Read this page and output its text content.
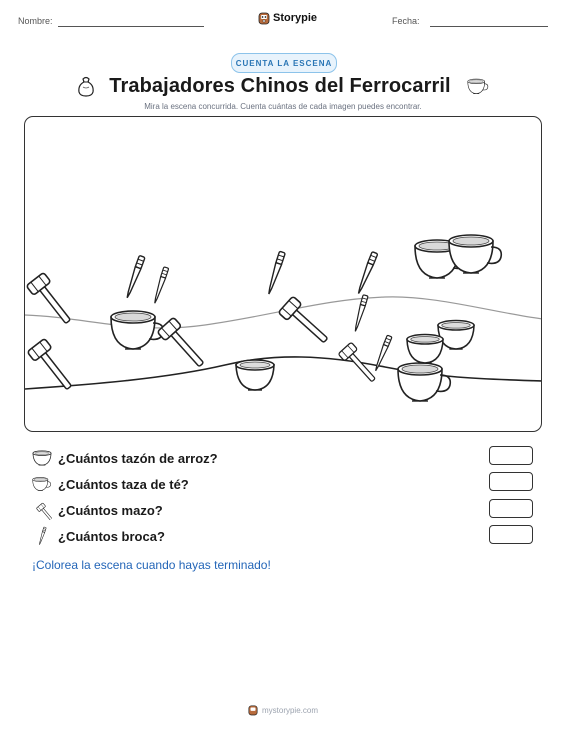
Nombre:	Storypie	Fecha:
CUENTA LA ESCENA
Trabajadores Chinos del Ferrocarril
Mira la escena concurrida. Cuenta cuántas de cada imagen puedes encontrar.
¿Cuántos tazón de arroz?
¿Cuántos taza de té?
¿Cuántos mazo?
¿Cuántos broca?
¡Colorea la escena cuando hayas terminado!
mystorypie.com
